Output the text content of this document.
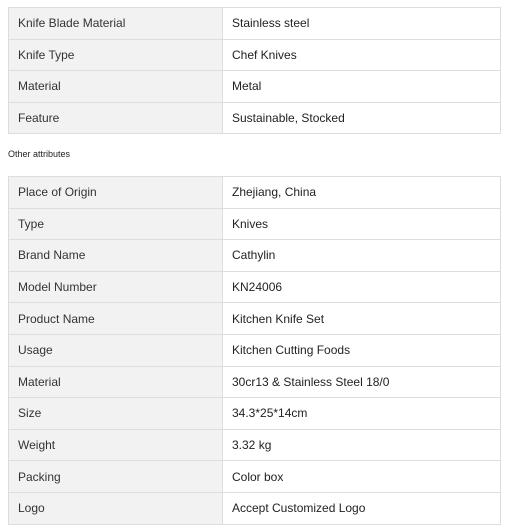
Knife Blade Material	Stainless steel
Knife Type	Chef Knives
Material	Metal
Feature	Sustainable, Stocked
Other attributes
Place of Origin	Zhejiang, China
Type	Knives
Brand Name	Cathylin
Model Number	KN24006
Product Name	Kitchen Knife Set
Usage	Kitchen Cutting Foods
Material	30cr13 & Stainless Steel 18/0
Size	34.3*25*14cm
Weight	3.32 kg
Packing	Color box
Logo	Accept Customized Logo
